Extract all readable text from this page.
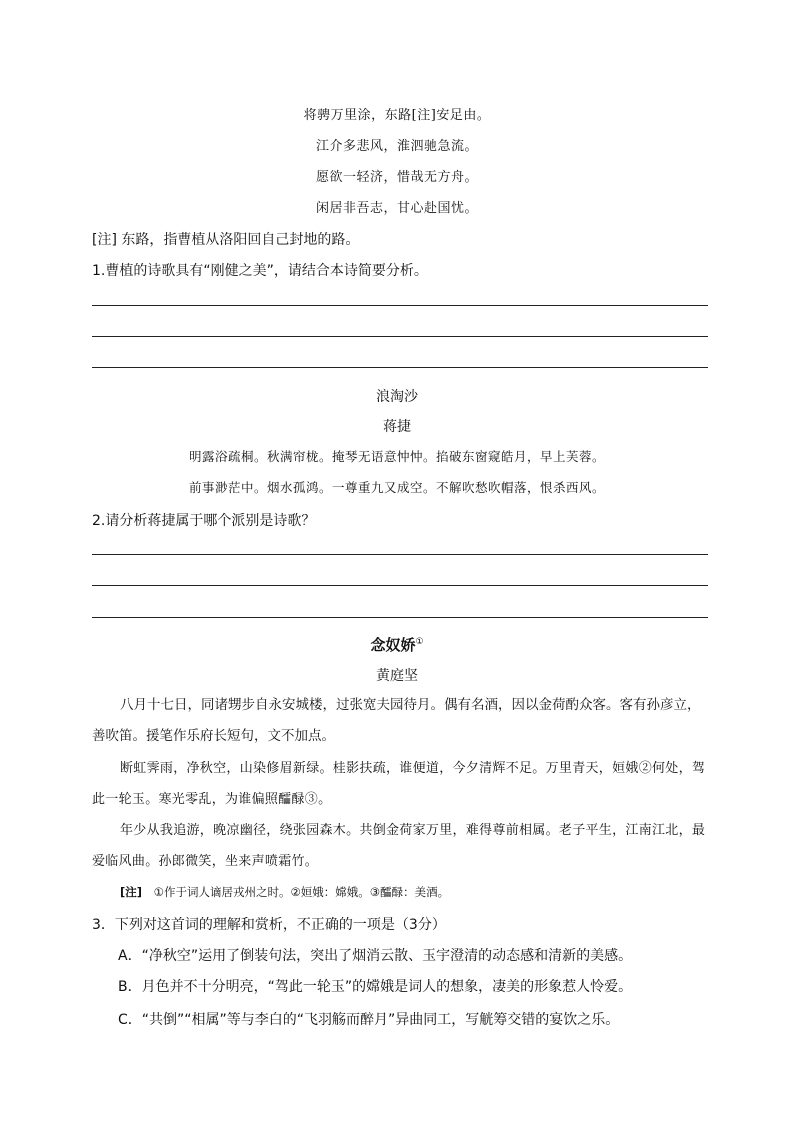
将骋万里涂，东路[注]安足由。
江介多悲风，淮泗驰急流。
愿欲一轻济，惜哉无方舟。
闲居非吾志，甘心赴国忧。
[注] 东路，指曹植从洛阳回自己封地的路。
1.曹植的诗歌具有“刚健之美”，请结合本诗简要分析。
浪淘沙
蒋捷
明露浴疏桐。秋满帘栊。掩琴无语意忡忡。掐破东窗窥皓月，早上芙蓉。
前事渺茫中。烟水孤鸿。一尊重九又成空。不解吹愁吹帽落，恨杀西风。
2.请分析蒋捷属于哪个派别是诗歌？
念奴娇①
黄庭坚
八月十七日，同诸甥步自永安城楼，过张宽夫园待月。偶有名酒，因以金荷酌众客。客有孙彦立，善吹笛。援笔作乐府长短句，文不加点。
断虹霁雨，净秋空，山染修眉新绿。桂影扶疏，谁便道，今夕清辉不足。万里青天，姮娥②何处，驾此一轮玉。寒光零乱，为谁偏照醽醁③。
年少从我追游，晚凉幽径，绕张园森木。共倒金荷家万里，难得尊前相属。老子平生，江南江北，最爱临风曲。孙郎微笑，坐来声喷霜竹。
[注] ①作于词人谪居戎州之时。②姮娥：嫦娥。③醽醁：美酒。
3．下列对这首词的理解和赏析，不正确的一项是（3分）
A．“净秋空”运用了倒装句法，突出了烟消云散、玉宇澄清的动态感和清新的美感。
B．月色并不十分明亮，“驾此一轮玉”的嫦娥是词人的想象，凄美的形象惹人怜爱。
C．“共倒”“相属”等与李白的“飞羽觞而醉月”异曲同工，写觥筹交错的宴饮之乐。
